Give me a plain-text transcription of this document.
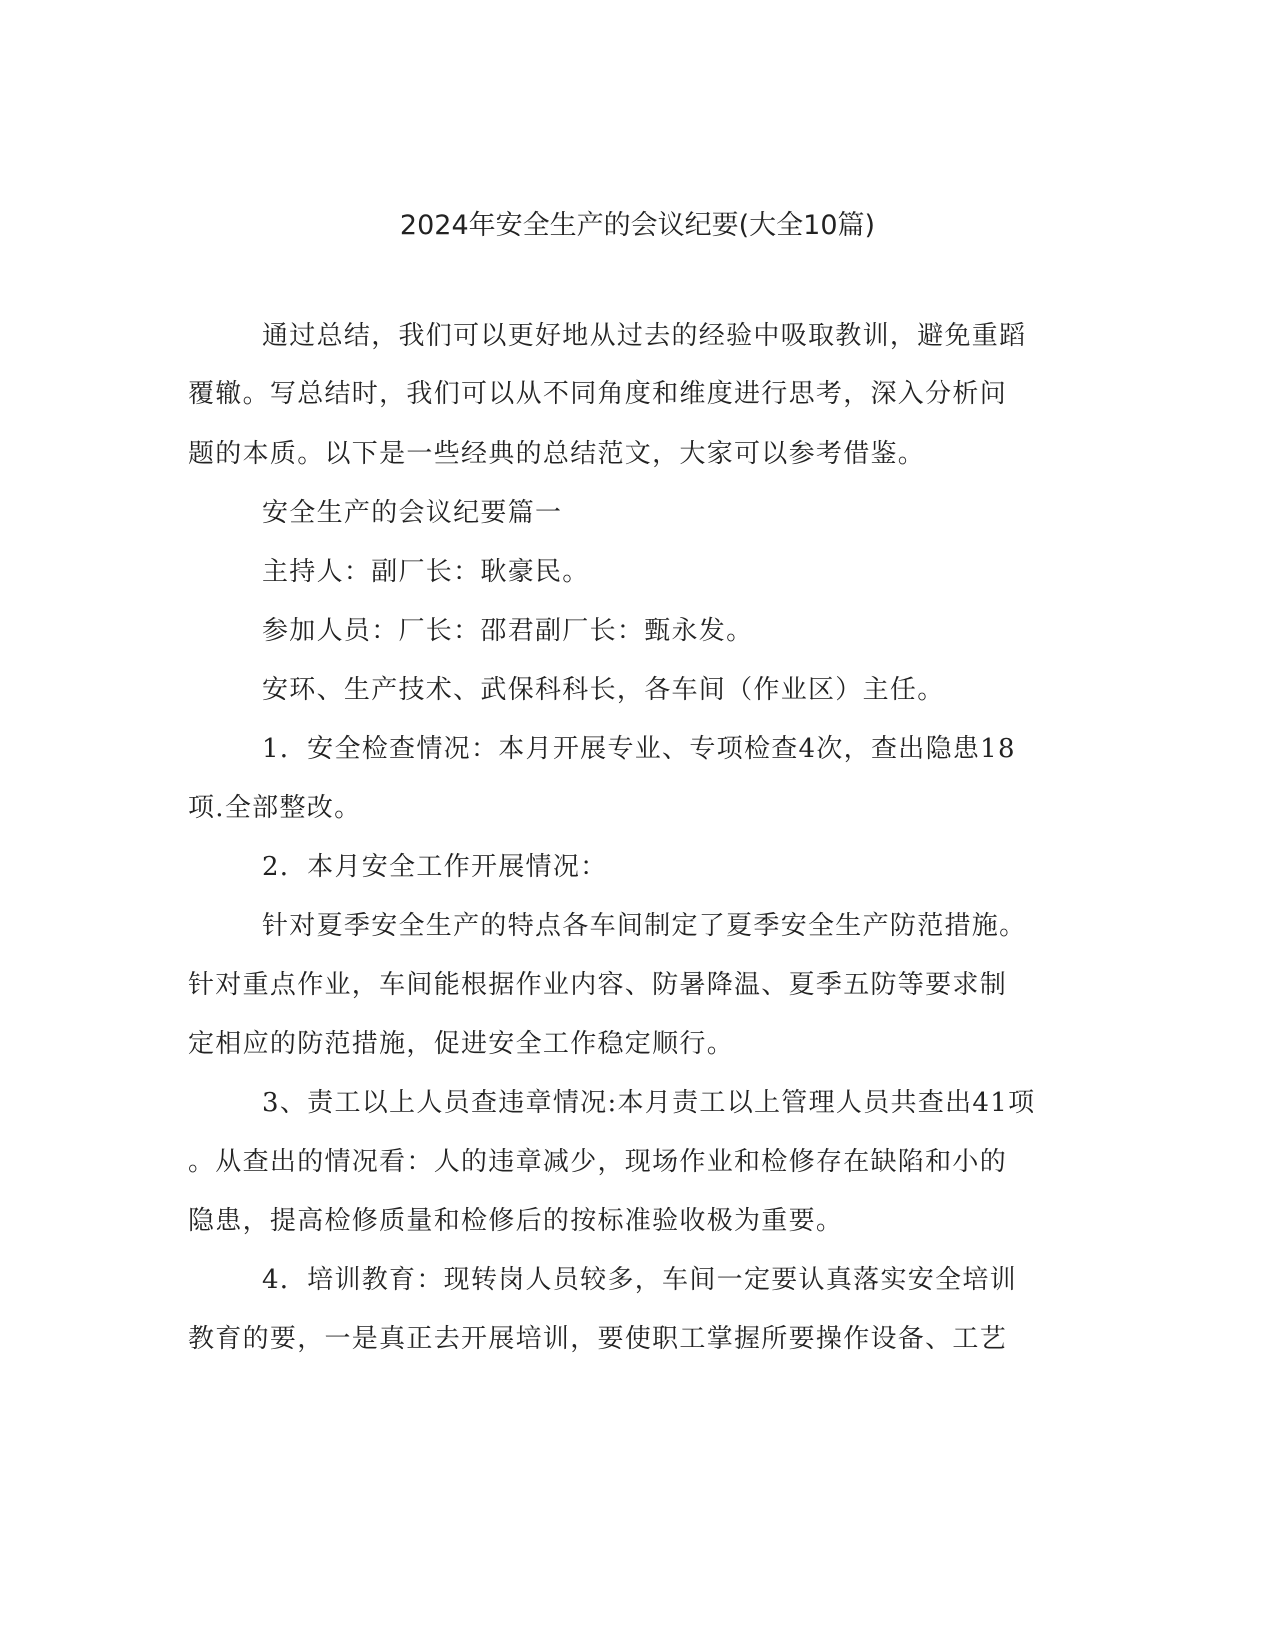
2024年安全生产的会议纪要(大全10篇)
通过总结，我们可以更好地从过去的经验中吸取教训，避免重蹈
覆辙。写总结时，我们可以从不同角度和维度进行思考，深入分析问
题的本质。以下是一些经典的总结范文，大家可以参考借鉴。
安全生产的会议纪要篇一
主持人：副厂长：耿豪民。
参加人员：厂长：邵君副厂长：甄永发。
安环、生产技术、武保科科长，各车间（作业区）主任。
1．安全检查情况：本月开展专业、专项检查4次，查出隐患18
项.全部整改。
2．本月安全工作开展情况：
针对夏季安全生产的特点各车间制定了夏季安全生产防范措施。
针对重点作业，车间能根据作业内容、防暑降温、夏季五防等要求制
定相应的防范措施，促进安全工作稳定顺行。
3、责工以上人员查违章情况:本月责工以上管理人员共查出41项
。从查出的情况看：人的违章减少，现场作业和检修存在缺陷和小的
隐患，提高检修质量和检修后的按标准验收极为重要。
4．培训教育：现转岗人员较多，车间一定要认真落实安全培训
教育的要，一是真正去开展培训，要使职工掌握所要操作设备、工艺
